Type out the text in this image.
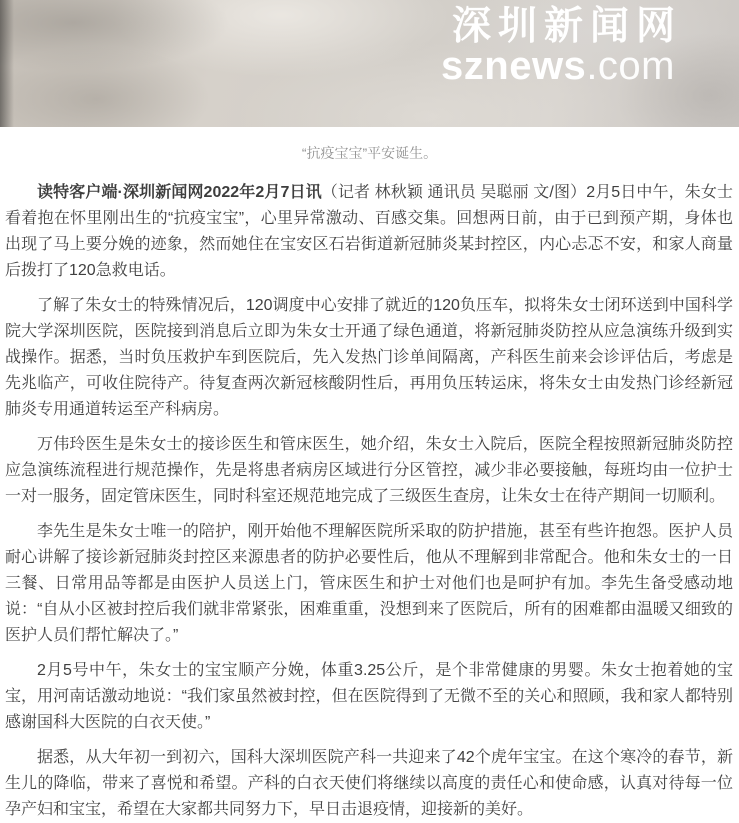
深圳新闻网
sznews.com
“抗疫宝宝”平安诞生。

读特客户端·深圳新闻网2022年2月7日讯（记者 林秋颖 通讯员 吴聪丽 文/图）2月5日中午，朱女士看着抱在怀里刚出生的“抗疫宝宝”，心里异常激动、百感交集。回想两日前，由于已到预产期，身体也出现了马上要分娩的迹象，然而她住在宝安区石岩街道新冠肺炎某封控区，内心忐忑不安，和家人商量后拨打了120急救电话。

了解了朱女士的特殊情况后，120调度中心安排了就近的120负压车，拟将朱女士闭环送到中国科学院大学深圳医院，医院接到消息后立即为朱女士开通了绿色通道，将新冠肺炎防控从应急演练升级到实战操作。据悉，当时负压救护车到医院后，先入发热门诊单间隔离，产科医生前来会诊评估后，考虑是先兆临产，可收住院待产。待复查两次新冠核酸阴性后，再用负压转运床，将朱女士由发热门诊经新冠肺炎专用通道转运至产科病房。

万伟玲医生是朱女士的接诊医生和管床医生，她介绍，朱女士入院后，医院全程按照新冠肺炎防控应急演练流程进行规范操作，先是将患者病房区域进行分区管控，减少非必要接触，每班均由一位护士一对一服务，固定管床医生，同时科室还规范地完成了三级医生查房，让朱女士在待产期间一切顺利。

李先生是朱女士唯一的陪护，刚开始他不理解医院所采取的防护措施，甚至有些许抱怨。医护人员耐心讲解了接诊新冠肺炎封控区来源患者的防护必要性后，他从不理解到非常配合。他和朱女士的一日三餐、日常用品等都是由医护人员送上门，管床医生和护士对他们也是呵护有加。李先生备受感动地说：“自从小区被封控后我们就非常紧张，困难重重，没想到来了医院后，所有的困难都由温暖又细致的医护人员们帮忙解决了。”

2月5号中午，朱女士的宝宝顺产分娩，体重3.25公斤，是个非常健康的男婴。朱女士抱着她的宝宝，用河南话激动地说：“我们家虽然被封控，但在医院得到了无微不至的关心和照顾，我和家人都特别感谢国科大医院的白衣天使。”

据悉，从大年初一到初六，国科大深圳医院产科一共迎来了42个虎年宝宝。在这个寒冷的春节，新生儿的降临，带来了喜悦和希望。产科的白衣天使们将继续以高度的责任心和使命感，认真对待每一位孕产妇和宝宝，希望在大家都共同努力下，早日击退疫情，迎接新的美好。
